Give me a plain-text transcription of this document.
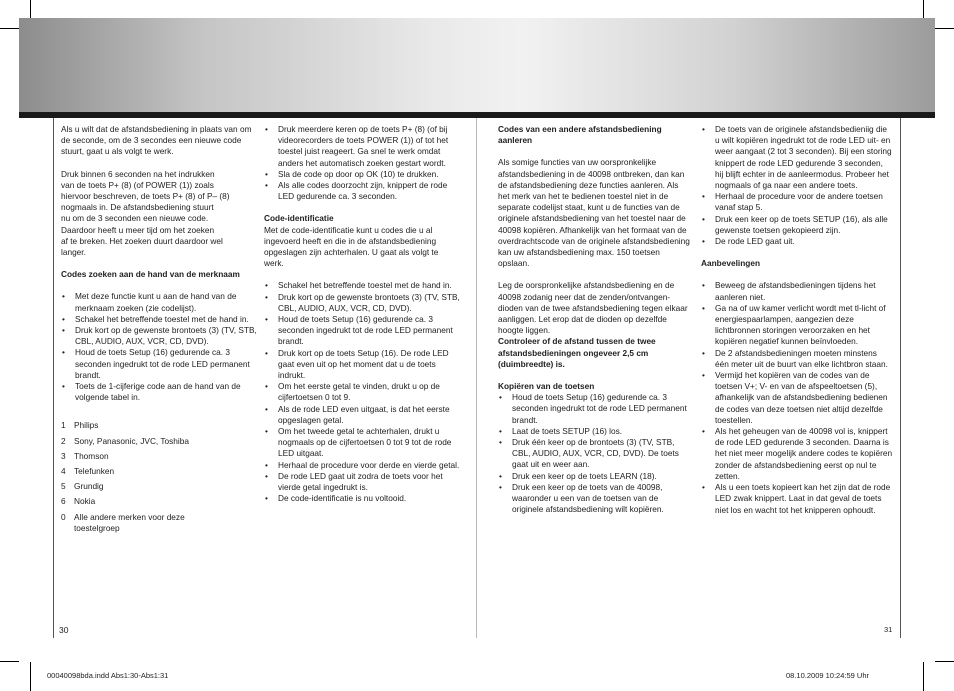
Als u wilt dat de afstandsbediening in plaats van om de seconde, om de 3 secondes een nieuwe code stuurt, gaat u als volgt te werk.

Druk binnen 6 seconden na het indrukken

van de toets P+ (8) (of POWER (1)) zoals

hiervoor beschreven, de toets P+ (8) of P– (8)

nogmaals in. De afstandsbediening stuurt

nu om de 3 seconden een nieuwe code.

Daardoor heeft u meer tijd om het zoeken

af te breken. Het zoeken duurt daardoor wel

langer.

Codes zoeken aan de hand van de merknaam

• Met deze functie kunt u aan de hand van de merknaam zoeken (zie codelijst).
• Schakel het betreffende toestel met de hand in.
• Druk kort op de gewenste brontoets (3) (TV, STB, CBL, AUDIO, AUX, VCR, CD, DVD).
• Houd de toets Setup (16) gedurende ca. 3 seconden ingedrukt tot de rode LED permanent brandt.
• Toets de 1-cijferige code aan de hand van de volgende tabel in.
1	Philips
2	Sony, Panasonic, JVC, Toshiba
3	Thomson
4	Telefunken
5	Grundig
6	Nokia
0	Alle andere merken voor deze toestelgroep
• Druk meerdere keren op de toets P+ (8) (of bij videorecorders de toets POWER (1)) of tot het toestel juist reageert. Ga snel te werk omdat anders het automatisch zoeken gestart wordt.
• Sla de code op door op OK (10) te drukken.
• Als alle codes doorzocht zijn, knippert de rode LED gedurende ca. 3 seconden.

Code-identificatie

Met de code-identificatie kunt u codes die u al ingevoerd heeft en die in de afstandsbediening opgeslagen zijn achterhalen. U gaat als volgt te werk.

• Schakel het betreffende toestel met de hand in.
• Druk kort op de gewenste brontoets (3) (TV, STB, CBL, AUDIO, AUX, VCR, CD, DVD).
• Houd de toets Setup (16) gedurende ca. 3 seconden ingedrukt tot de rode LED permanent brandt.
• Druk kort op de toets Setup (16). De rode LED gaat even uit op het moment dat u de toets indrukt.
• Om het eerste getal te vinden, drukt u op de cijfertoetsen 0 tot 9.
• Als de rode LED even uitgaat, is dat het eerste opgeslagen getal.
• Om het tweede getal te achterhalen, drukt u nogmaals op de cijfertoetsen 0 tot 9 tot de rode LED uitgaat.
• Herhaal de procedure voor derde en vierde getal.
• De rode LED gaat uit zodra de toets voor het vierde getal ingedrukt is.
• De code-identificatie is nu voltooid.

Codes van een andere afstandsbediening aanleren

Als somige functies van uw oorspronkelijke afstandsbediening in de 40098 ontbreken, dan kan de afstandsbediening deze functies aanleren. Als het merk van het te bedienen toestel niet in de separate codelijst staat, kunt u de functies van de originele afstandsbediening van het toestel naar de 40098 kopiëren. Afhankelijk van het formaat van de overdrachtscode van de originele afstandsbediening kan uw afstandsbediening max. 150 toetsen opslaan.

Leg de oorspronkelijke afstandsbediening en de 40098 zodanig neer dat de zenden/ontvangen-dioden van de twee afstandsbediening tegen elkaar aanliggen. Let erop dat de dioden op dezelfde hoogte liggen.

Controleer of de afstand tussen de twee afstandsbedieningen ongeveer 2,5 cm (duimbreedte) is.

Kopiëren van de toetsen

• Houd de toets Setup (16) gedurende ca. 3 seconden ingedrukt tot de rode LED permanent brandt.
• Laat de toets SETUP (16) los.
• Druk één keer op de brontoets (3) (TV, STB, CBL, AUDIO, AUX, VCR, CD, DVD). De toets gaat uit en weer aan.
• Druk een keer op de toets LEARN (18).
• Druk een keer op de toets van de 40098, waaronder u een van de toetsen van de originele afstandsbediening wilt kopiëren.
• De toets van de originele afstandsbedieniig die u wilt kopiëren ingedrukt tot de rode LED uit- en weer aangaat (2 tot 3 seconden). Bij een storing knippert de rode LED gedurende 3 seconden, hij blijft echter in de aanleermodus. Probeer het nogmaals of ga naar een andere toets.
• Herhaal de procedure voor de andere toetsen vanaf stap 5.
• Druk een keer op de toets SETUP (16), als alle gewenste toetsen gekopieerd zijn.
• De rode LED gaat uit.

Aanbevelingen

• Beweeg de afstandsbedieningen tijdens het aanleren niet.
• Ga na of uw kamer verlicht wordt met tl-licht of energiespaarlampen, aangezien deze lichtbronnen storingen veroorzaken en het kopiëren negatief kunnen beïnvloeden.
• De 2 afstandsbedieningen moeten minstens één meter uit de buurt van elke lichtbron staan.
• Vermijd het kopiëren van de codes van de toetsen V+; V- en van de afspeeltoetsen (5), afhankelijk van de afstandsbediening bedienen de codes van deze toetsen niet altijd dezelfde toestellen.
• Als het geheugen van de 40098 vol is, knippert de rode LED gedurende 3 seconden. Daarna is het niet meer mogelijk andere codes te kopiëren zonder de afstandsbediening eerst op nul te zetten.
• Als u een toets kopieert kan het zijn dat de rode LED zwak knippert. Laat in dat geval de toets niet los en wacht tot het knipperen ophoudt.
30	31
00040098bda.indd Abs1:30-Abs1:31	08.10.2009 10:24:59 Uhr
